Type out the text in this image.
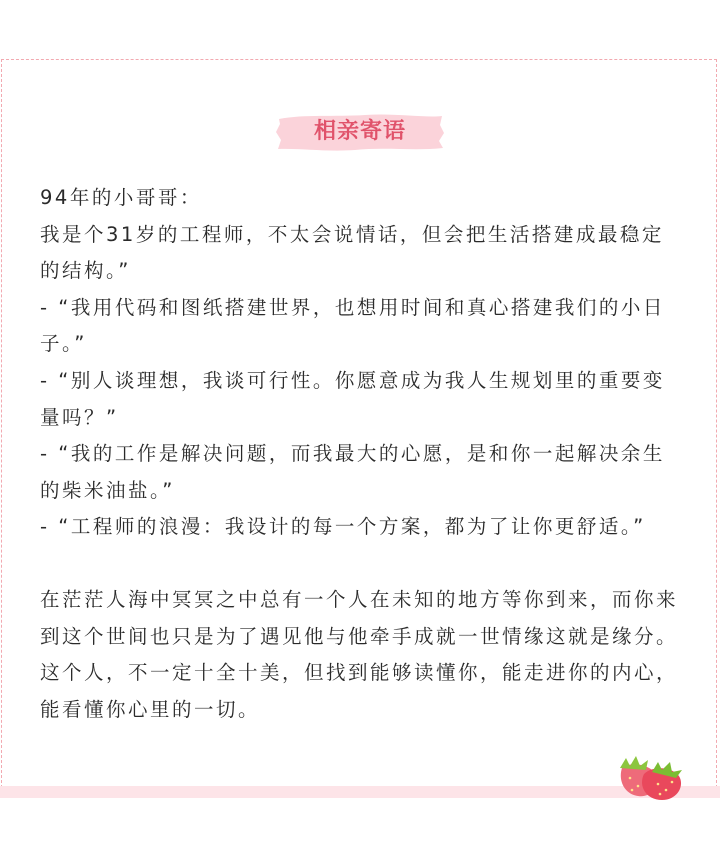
相亲寄语

94年的小哥哥：

我是个31岁的工程师，不太会说情话，但会把生活搭建成最稳定的结构。”

- “我用代码和图纸搭建世界，也想用时间和真心搭建我们的小日子。”

- “别人谈理想，我谈可行性。你愿意成为我人生规划里的重要变量吗？”

- “我的工作是解决问题，而我最大的心愿，是和你一起解决余生的柴米油盐。”

- “工程师的浪漫：我设计的每一个方案，都为了让你更舒适。”

在茫茫人海中冥冥之中总有一个人在未知的地方等你到来，而你来到这个世间也只是为了遇见他与他牵手成就一世情缘这就是缘分。这个人，不一定十全十美，但找到能够读懂你，能走进你的内心，能看懂你心里的一切。
